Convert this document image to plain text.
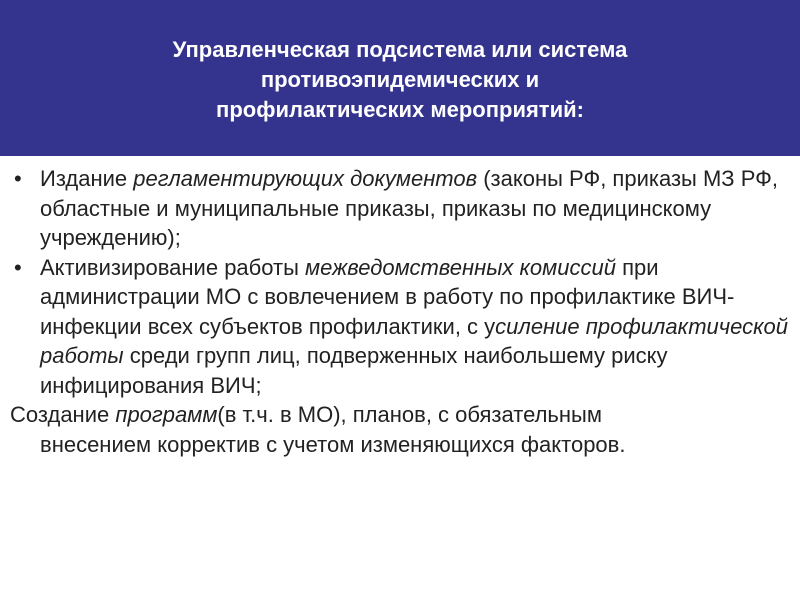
Управленческая подсистема или система
противоэпидемических и
профилактических мероприятий:
• Издание регламентирующих документов (законы РФ, приказы МЗ РФ, областные и муниципальные приказы, приказы по медицинскому учреждению);
• Активизирование работы межведомственных комиссий при администрации МО с вовлечением в работу по профилактике ВИЧ-инфекции всех субъектов профилактики, с усиление профилактической работы среди групп лиц, подверженных наибольшему риску инфицирования ВИЧ;
Создание программ(в т.ч. в МО), планов, с обязательным
внесением корректив с учетом изменяющихся факторов.
